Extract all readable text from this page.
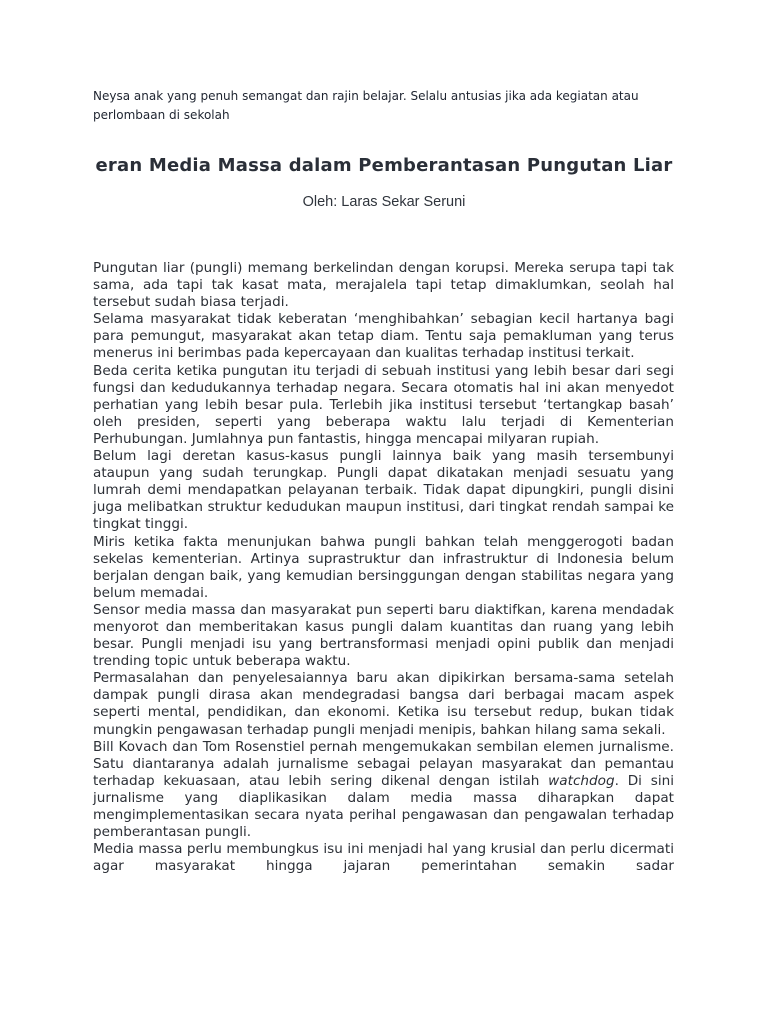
Neysa anak yang penuh semangat dan rajin belajar. Selalu antusias jika ada kegiatan atau perlombaan di sekolah
eran Media Massa dalam Pemberantasan Pungutan Liar
Oleh: Laras Sekar Seruni

Pungutan liar (pungli) memang berkelindan dengan korupsi. Mereka serupa tapi tak sama, ada tapi tak kasat mata, merajalela tapi tetap dimaklumkan, seolah hal tersebut sudah biasa terjadi.

Selama masyarakat tidak keberatan ‘menghibahkan’ sebagian kecil hartanya bagi para pemungut, masyarakat akan tetap diam. Tentu saja pemakluman yang terus menerus ini berimbas pada kepercayaan dan kualitas terhadap institusi terkait.

Beda cerita ketika pungutan itu terjadi di sebuah institusi yang lebih besar dari segi fungsi dan kedudukannya terhadap negara. Secara otomatis hal ini akan menyedot perhatian yang lebih besar pula. Terlebih jika institusi tersebut ‘tertangkap basah’ oleh presiden, seperti yang beberapa waktu lalu terjadi di Kementerian Perhubungan. Jumlahnya pun fantastis, hingga mencapai milyaran rupiah.

Belum lagi deretan kasus-kasus pungli lainnya baik yang masih tersembunyi ataupun yang sudah terungkap. Pungli dapat dikatakan menjadi sesuatu yang lumrah demi mendapatkan pelayanan terbaik. Tidak dapat dipungkiri, pungli disini juga melibatkan struktur kedudukan maupun institusi, dari tingkat rendah sampai ke tingkat tinggi.

Miris ketika fakta menunjukan bahwa pungli bahkan telah menggerogoti badan sekelas kementerian. Artinya suprastruktur dan infrastruktur di Indonesia belum berjalan dengan baik, yang kemudian bersinggungan dengan stabilitas negara yang belum memadai.

Sensor media massa dan masyarakat pun seperti baru diaktifkan, karena mendadak menyorot dan memberitakan kasus pungli dalam kuantitas dan ruang yang lebih besar. Pungli menjadi isu yang bertransformasi menjadi opini publik dan menjadi trending topic untuk beberapa waktu.

Permasalahan dan penyelesaiannya baru akan dipikirkan bersama-sama setelah dampak pungli dirasa akan mendegradasi bangsa dari berbagai macam aspek seperti mental, pendidikan, dan ekonomi. Ketika isu tersebut redup, bukan tidak mungkin pengawasan terhadap pungli menjadi menipis, bahkan hilang sama sekali.

Bill Kovach dan Tom Rosenstiel pernah mengemukakan sembilan elemen jurnalisme. Satu diantaranya adalah jurnalisme sebagai pelayan masyarakat dan pemantau terhadap kekuasaan, atau lebih sering dikenal dengan istilah watchdog. Di sini jurnalisme yang diaplikasikan dalam media massa diharapkan dapat mengimplementasikan secara nyata perihal pengawasan dan pengawalan terhadap pemberantasan pungli.

Media massa perlu membungkus isu ini menjadi hal yang krusial dan perlu dicermati agar masyarakat hingga jajaran pemerintahan semakin sadar
